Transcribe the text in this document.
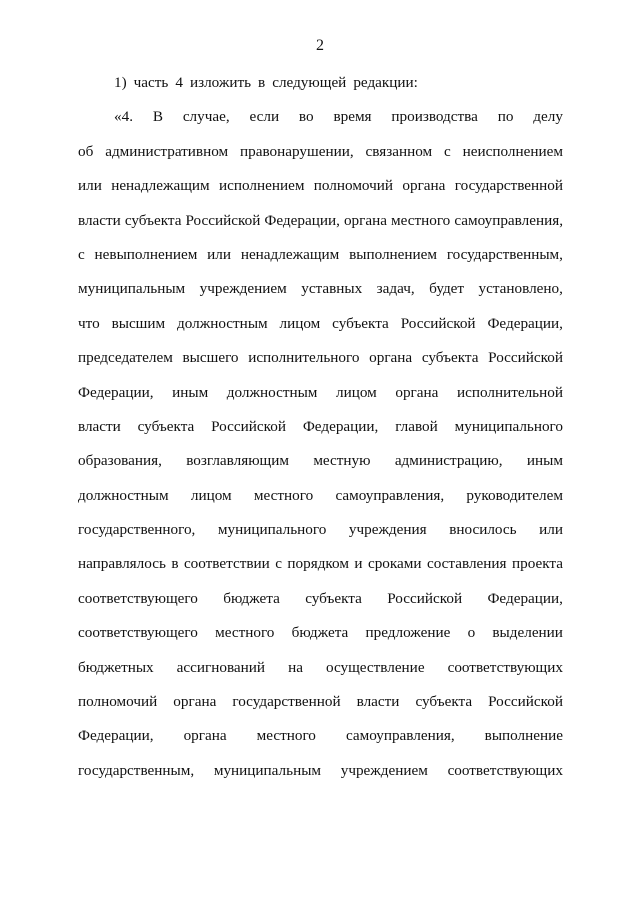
2
1) часть 4 изложить в следующей редакции:
«4. В случае, если во время производства по делу
об административном правонарушении, связанном с неисполнением
или ненадлежащим исполнением полномочий органа государственной
власти субъекта Российской Федерации, органа местного самоуправления,
с невыполнением или ненадлежащим выполнением государственным,
муниципальным учреждением уставных задач, будет установлено,
что высшим должностным лицом субъекта Российской Федерации,
председателем высшего исполнительного органа субъекта Российской
Федерации, иным должностным лицом органа исполнительной
власти субъекта Российской Федерации, главой муниципального
образования, возглавляющим местную администрацию, иным
должностным лицом местного самоуправления, руководителем
государственного, муниципального учреждения вносилось или
направлялось в соответствии с порядком и сроками составления проекта
соответствующего бюджета субъекта Российской Федерации,
соответствующего местного бюджета предложение о выделении
бюджетных ассигнований на осуществление соответствующих
полномочий органа государственной власти субъекта Российской
Федерации, органа местного самоуправления, выполнение
государственным, муниципальным учреждением соответствующих
